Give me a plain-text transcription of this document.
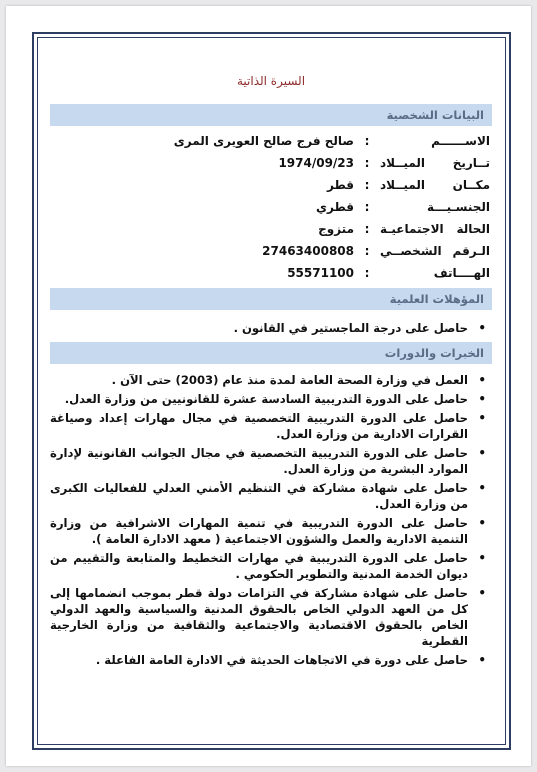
السيرة الذاتية
البيانات الشخصية
الاســــــم	:	صالح فرج صالح العويرى المرى
تــاريخ الميــلاد	:	1974/09/23
مكــان الميــلاد	:	قطر
الجنسـيـــة	:	قطري
الحالة الاجتماعيـة	:	متزوج
الـرقم الشخصــي	:	27463400808
الهــــاتف	:	55571100
المؤهلات العلمية
•
حاصل على درجة الماجستير في القانون .
الخبرات والدورات
•
العمل في وزارة الصحة العامة لمدة منذ عام (2003) حتى الآن .
•
حاصل على الدورة التدريبية السادسة عشرة للقانونيين من وزارة العدل.
•
حاصل على الدورة التدريبية التخصصية في مجال مهارات إعداد وصياغة القرارات الادارية من وزارة العدل.
•
حاصل على الدورة التدريبية التخصصية في مجال الجوانب القانونية لإدارة الموارد البشرية من وزارة العدل.
•
حاصل على شهادة مشاركة في التنظيم الأمني العدلي للفعاليات الكبرى من وزارة العدل.
•
حاصل على الدورة التدريبية في تنمية المهارات الاشرافية من وزارة التنمية الادارية والعمل والشؤون الاجتماعية ( معهد الادارة العامة ).
•
حاصل على الدورة التدريبية في مهارات التخطيط والمتابعة والتقييم من ديوان الخدمة المدنية والتطوير الحكومي .
•
حاصل على شهادة مشاركة في التزامات دولة قطر بموجب انضمامها إلى كل من العهد الدولي الخاص بالحقوق المدنية والسياسية والعهد الدولي الخاص بالحقوق الاقتصادية والاجتماعية والثقافية من وزارة الخارجية القطرية
•
حاصل على دورة في الاتجاهات الحديثة في الادارة العامة الفاعلة .
